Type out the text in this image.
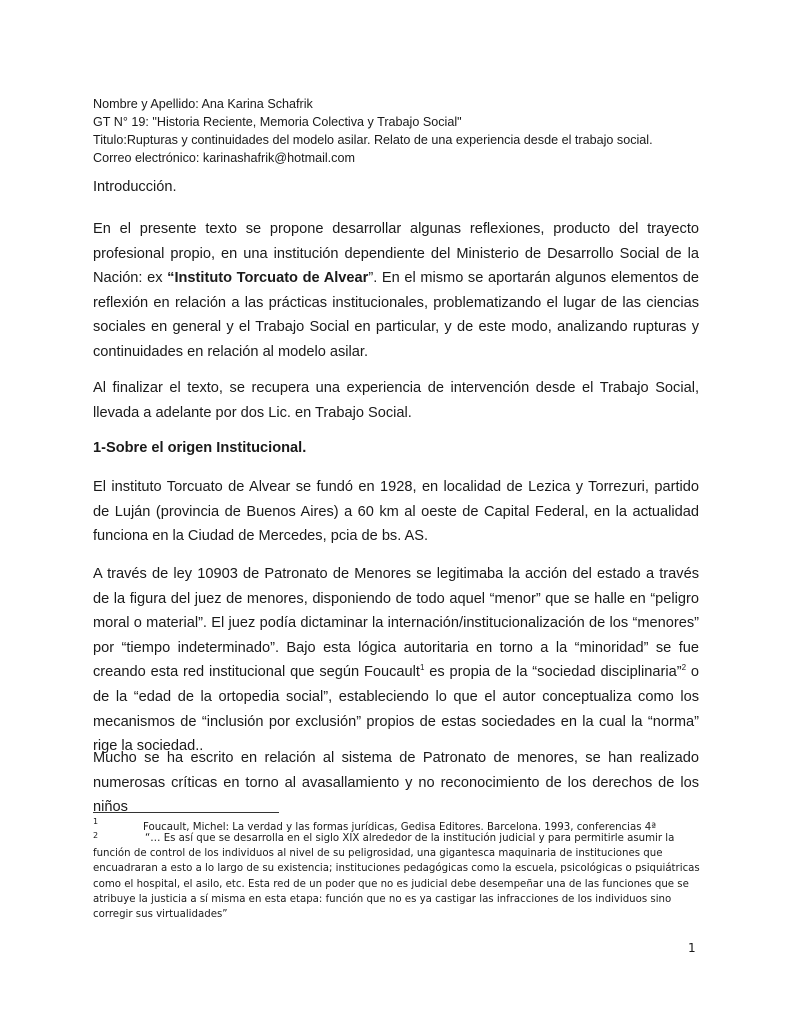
Nombre y Apellido: Ana Karina Schafrik

GT N° 19: "Historia Reciente, Memoria Colectiva y Trabajo Social"

Titulo:Rupturas y continuidades del modelo asilar. Relato de una experiencia desde el trabajo social.

Correo electrónico: karinashafrik@hotmail.com

Introducción.

En el presente texto se propone desarrollar algunas reflexiones, producto del trayecto profesional propio, en una institución dependiente del Ministerio de Desarrollo Social de la Nación: ex “Instituto Torcuato de Alvear”. En el mismo se aportarán algunos elementos de reflexión en relación a las prácticas institucionales, problematizando el lugar de las ciencias sociales en general y el Trabajo Social en particular, y de este modo, analizando rupturas y continuidades en relación al modelo asilar.

Al finalizar el texto, se recupera una experiencia de intervención desde el Trabajo Social, llevada a adelante por dos Lic. en Trabajo Social.

1-Sobre el origen Institucional.

El instituto Torcuato de Alvear se fundó en 1928, en localidad de Lezica y Torrezuri, partido de Luján (provincia de Buenos Aires) a 60 km al oeste de Capital Federal, en la actualidad funciona en la Ciudad de Mercedes, pcia de bs. AS.

A través de ley 10903 de Patronato de Menores se legitimaba la acción del estado a través de la figura del juez de menores, disponiendo de todo aquel “menor” que se halle en “peligro moral o material”. El juez podía dictaminar la internación/institucionalización de los “menores” por “tiempo indeterminado”. Bajo esta lógica autoritaria en torno a la “minoridad” se fue creando esta red institucional que según Foucault$^1$ es propia de la “sociedad disciplinaria”$^2$ o de la “edad de la ortopedia social”, estableciendo lo que el autor conceptualiza como los mecanismos de “inclusión por exclusión” propios de estas sociedades en la cual la “norma” rige la sociedad..

Mucho se ha escrito en relación al sistema de Patronato de menores, se han realizado numerosas críticas en torno al avasallamiento y no reconocimiento de los derechos de los niños

1
Foucault, Michel: La verdad y las formas jurídicas, Gedisa Editores. Barcelona. 1993, conferencias 4ª
2	“… Es así que se desarrolla en el siglo XIX alrededor de la institución judicial y para permitirle asumir la función de control de los individuos al nivel de su peligrosidad, una gigantesca maquinaria de instituciones que encuadraran a esto a lo largo de su existencia; instituciones pedagógicas como la escuela, psicológicas o psiquiátricas como el hospital, el asilo, etc. Esta red de un poder que no es judicial debe desempeñar una de las funciones que se atribuye la justicia a sí misma en esta etapa: función que no es ya castigar las infracciones de los individuos sino corregir sus virtualidades”

1
